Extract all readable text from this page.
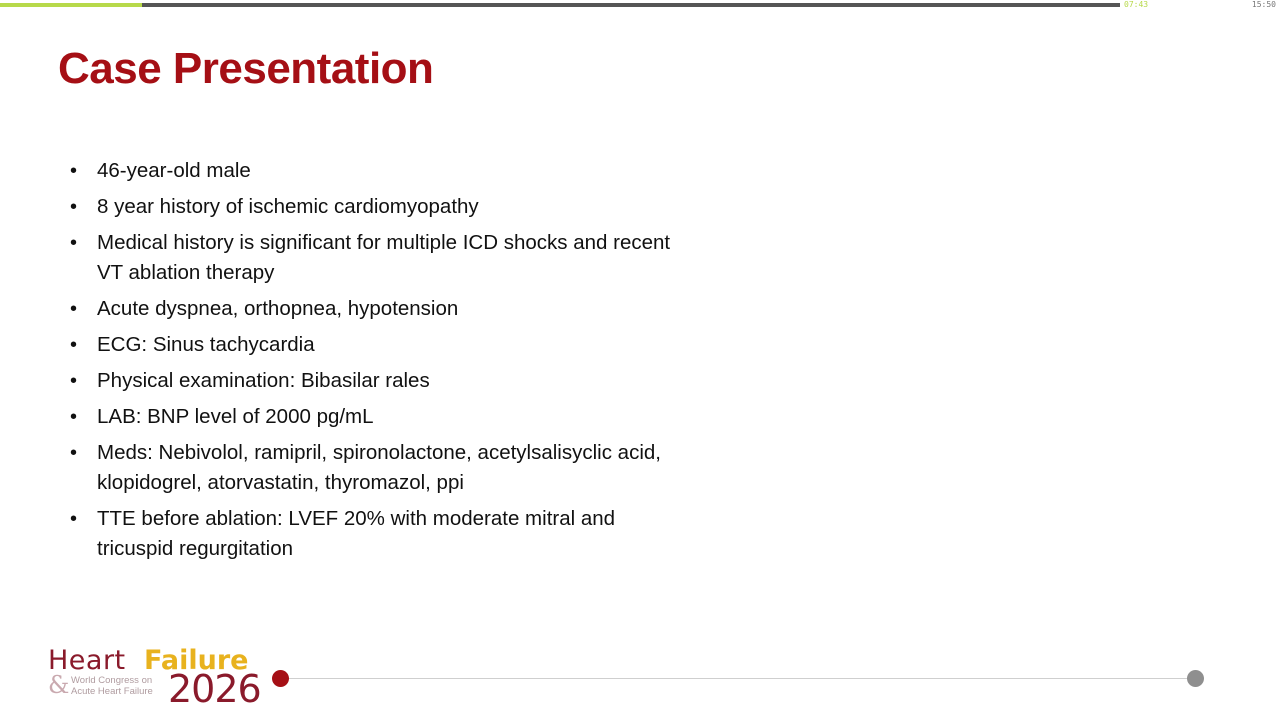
07:43	15:50
Case Presentation
• 46-year-old male
• 8 year history of ischemic cardiomyopathy
• Medical history is significant for multiple ICD shocks and recent VT ablation therapy
• Acute dyspnea, orthopnea, hypotension
• ECG: Sinus tachycardia
• Physical examination: Bibasilar rales
• LAB: BNP level of 2000 pg/mL
• Meds: Nebivolol, ramipril, spironolactone, acetylsalisyclic acid, klopidogrel, atorvastatin, thyromazol, ppi
• TTE before ablation: LVEF 20% with moderate mitral and tricuspid regurgitation
Heart Failure
& World Congress on
Acute Heart Failure 2026
